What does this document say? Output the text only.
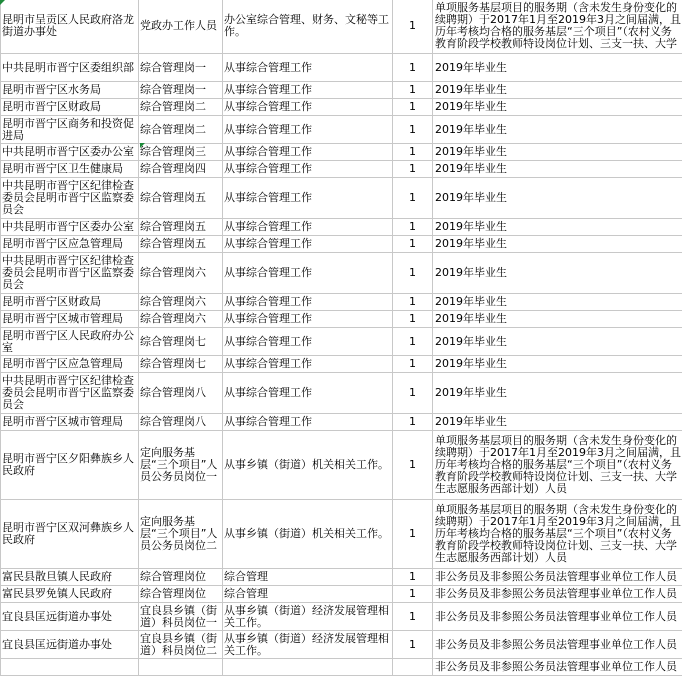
昆明市呈贡区人民政府洛龙街道办事处	党政办工作人员	办公室综合管理、财务、文秘等工作。	1	单项服务基层项目的服务期（含未发生身份变化的续聘期）于2017年1月至2019年3月之间届满，且历年考核均合格的服务基层“三个项目”（农村义务教育阶段学校教师特设岗位计划、三支一扶、大学
中共昆明市晋宁区委组织部	综合管理岗一	从事综合管理工作	1	2019年毕业生
昆明市晋宁区水务局	综合管理岗一	从事综合管理工作	1	2019年毕业生
昆明市晋宁区财政局	综合管理岗二	从事综合管理工作	1	2019年毕业生
昆明市晋宁区商务和投资促进局	综合管理岗二	从事综合管理工作	1	2019年毕业生
中共昆明市晋宁区委办公室	综合管理岗三	从事综合管理工作	1	2019年毕业生
昆明市晋宁区卫生健康局	综合管理岗四	从事综合管理工作	1	2019年毕业生
中共昆明市晋宁区纪律检查委员会昆明市晋宁区监察委员会	综合管理岗五	从事综合管理工作	1	2019年毕业生
中共昆明市晋宁区委办公室	综合管理岗五	从事综合管理工作	1	2019年毕业生
昆明市晋宁区应急管理局	综合管理岗五	从事综合管理工作	1	2019年毕业生
中共昆明市晋宁区纪律检查委员会昆明市晋宁区监察委员会	综合管理岗六	从事综合管理工作	1	2019年毕业生
昆明市晋宁区财政局	综合管理岗六	从事综合管理工作	1	2019年毕业生
昆明市晋宁区城市管理局	综合管理岗六	从事综合管理工作	1	2019年毕业生
昆明市晋宁区人民政府办公室	综合管理岗七	从事综合管理工作	1	2019年毕业生
昆明市晋宁区应急管理局	综合管理岗七	从事综合管理工作	1	2019年毕业生
中共昆明市晋宁区纪律检查委员会昆明市晋宁区监察委员会	综合管理岗八	从事综合管理工作	1	2019年毕业生
昆明市晋宁区城市管理局	综合管理岗八	从事综合管理工作	1	2019年毕业生
昆明市晋宁区夕阳彝族乡人民政府	定向服务基层“三个项目”人员公务员岗位一	从事乡镇（街道）机关相关工作。	1	单项服务基层项目的服务期（含未发生身份变化的续聘期）于2017年1月至2019年3月之间届满，且历年考核均合格的服务基层“三个项目”（农村义务教育阶段学校教师特设岗位计划、三支一扶、大学生志愿服务西部计划）人员
昆明市晋宁区双河彝族乡人民政府	定向服务基层“三个项目”人员公务员岗位二	从事乡镇（街道）机关相关工作。	1	单项服务基层项目的服务期（含未发生身份变化的续聘期）于2017年1月至2019年3月之间届满，且历年考核均合格的服务基层“三个项目”（农村义务教育阶段学校教师特设岗位计划、三支一扶、大学生志愿服务西部计划）人员
富民县散旦镇人民政府	综合管理岗位	综合管理	1	非公务员及非参照公务员法管理事业单位工作人员
富民县罗免镇人民政府	综合管理岗位	综合管理	1	非公务员及非参照公务员法管理事业单位工作人员
宜良县匡远街道办事处	宜良县乡镇（街道）科员岗位一	从事乡镇（街道）经济发展管理相关工作。	1	非公务员及非参照公务员法管理事业单位工作人员
宜良县匡远街道办事处	宜良县乡镇（街道）科员岗位二	从事乡镇（街道）经济发展管理相关工作。	1	非公务员及非参照公务员法管理事业单位工作人员
				非公务员及非参照公务员法管理事业单位工作人员
